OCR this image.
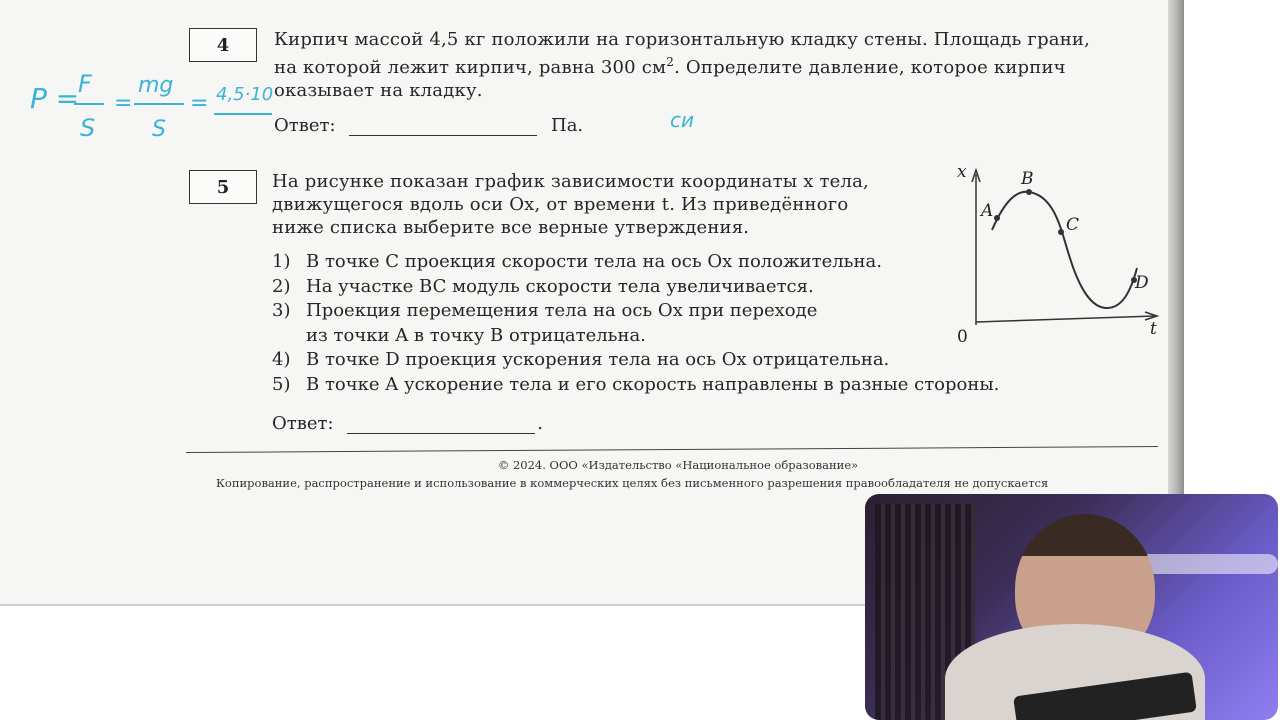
4 Кирпич массой 4,5 кг положили на горизонтальную кладку стены. Площадь грани,

на которой лежит кирпич, равна 300 $см^2$. Определите давление, которое кирпич

оказывает на кладку.

Ответ:	Па.
P =
F
S
=
mg
S
= 4,5·10
си
5 На рисунке показан график зависимости координаты x тела,

движущегося вдоль оси Ox, от времени t. Из приведённого

ниже списка выберите все верные утверждения.

1) В точке C проекция скорости тела на ось Ox положительна.
2) На участке BC модуль скорости тела увеличивается.
3) Проекция перемещения тела на ось Ox при переходе
из точки A в точку B отрицательна.
4) В точке D проекция ускорения тела на ось Ox отрицательна.
5) В точке A ускорение тела и его скорость направлены в разные стороны.
Ответ:	.
x
t
A
B
C
D
0
© 2024. ООО «Издательство «Национальное образование»
Копирование, распространение и использование в коммерческих целях без письменного разрешения правообладателя не допускается
